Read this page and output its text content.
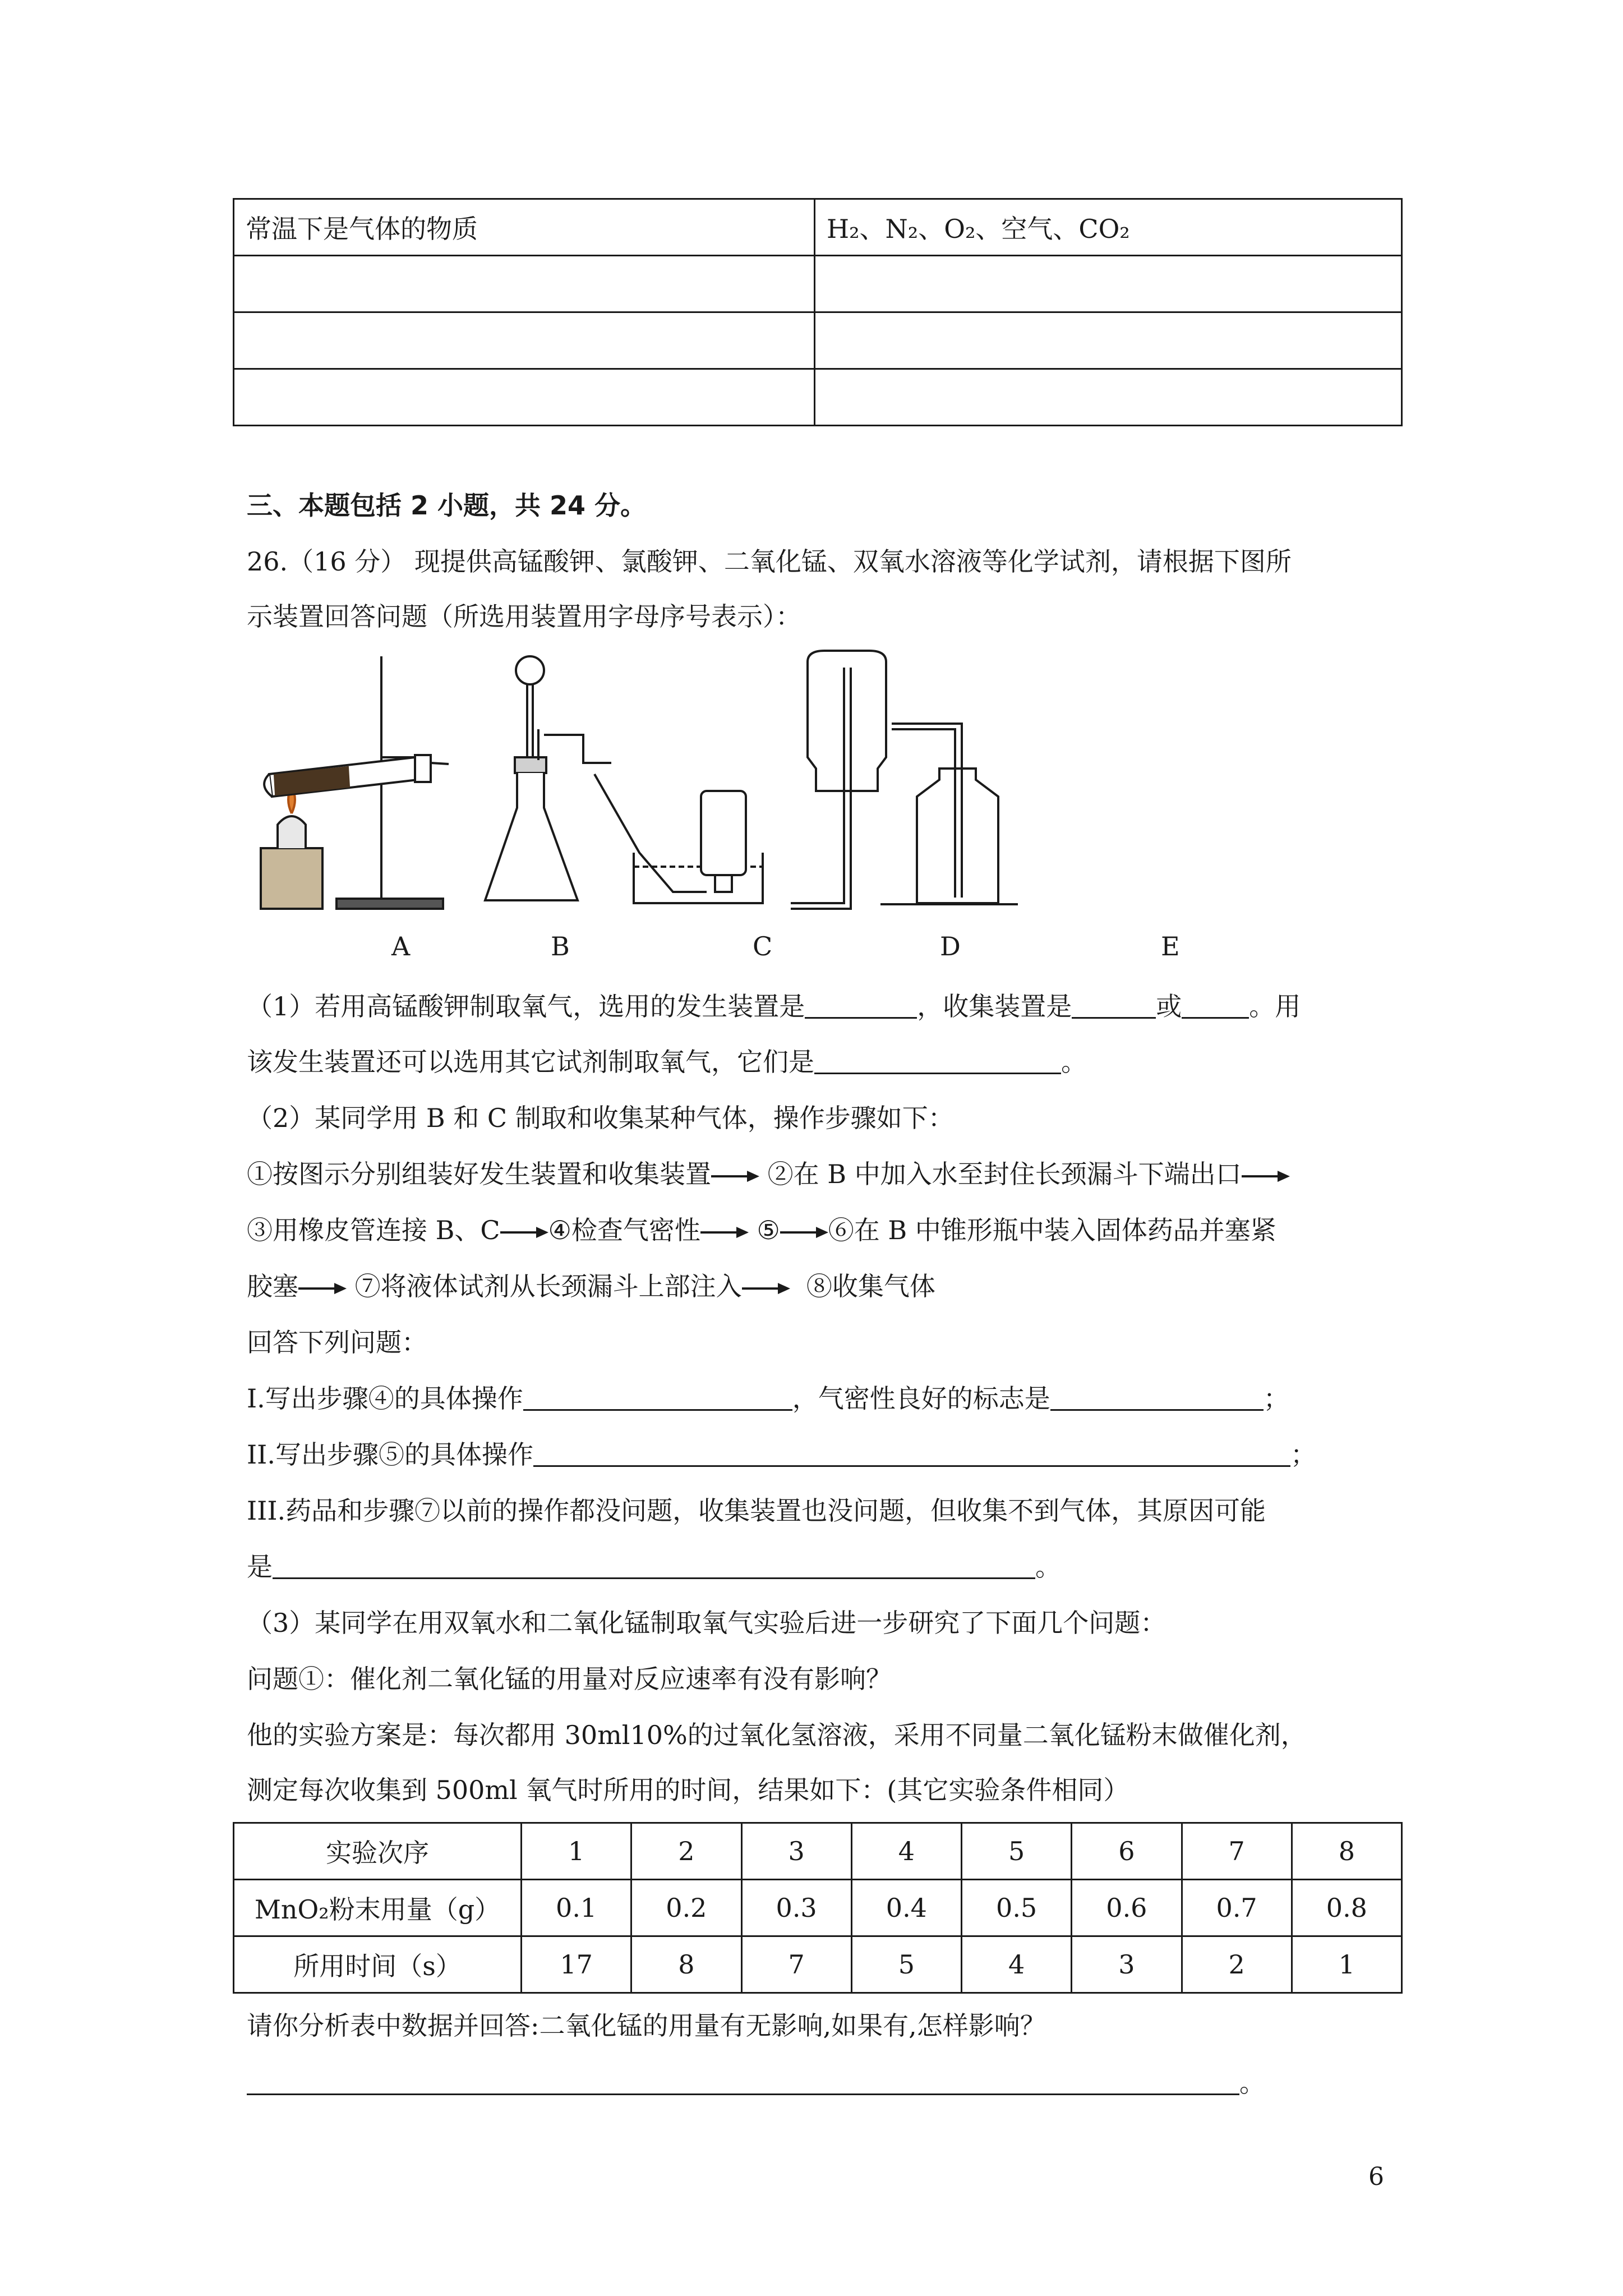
常温下是气体的物质	H₂、N₂、O₂、空气、CO₂

三、本题包括 2 小题，共 24 分。
26.（16 分） 现提供高锰酸钾、氯酸钾、二氧化锰、双氧水溶液等化学试剂，请根据下图所
示装置回答问题（所选用装置用字母序号表示）：
A	B	C	D	E
（1）若用高锰酸钾制取氧气，选用的发生装置是	，收集装置是	或	。用
该发生装置还可以选用其它试剂制取氧气，它们是	。
（2）某同学用 B 和 C 制取和收集某种气体，操作步骤如下：
①按图示分别组装好发生装置和收集装置 ②在 B 中加入水至封住长颈漏斗下端出口
③用橡皮管连接 B、C ④检查气密性 ⑤ ⑥在 B 中锥形瓶中装入固体药品并塞紧
胶塞 ⑦将液体试剂从长颈漏斗上部注入	⑧收集气体
回答下列问题：
I.写出步骤④的具体操作	，气密性良好的标志是	；
II.写出步骤⑤的具体操作	；
III.药品和步骤⑦以前的操作都没问题，收集装置也没问题，但收集不到气体，其原因可能
是	。
（3）某同学在用双氧水和二氧化锰制取氧气实验后进一步研究了下面几个问题：
问题①：催化剂二氧化锰的用量对反应速率有没有影响？
他的实验方案是：每次都用 30ml10%的过氧化氢溶液，采用不同量二氧化锰粉末做催化剂，
测定每次收集到 500ml 氧气时所用的时间，结果如下：(其它实验条件相同）
实验次序	1	2	3	4	5	6	7	8
MnO₂粉末用量（g）	0.1	0.2	0.3	0.4	0.5	0.6	0.7	0.8
所用时间（s）	17	8	7	5	4	3	2	1
请你分析表中数据并回答:二氧化锰的用量有无影响,如果有,怎样影响？
。
6
